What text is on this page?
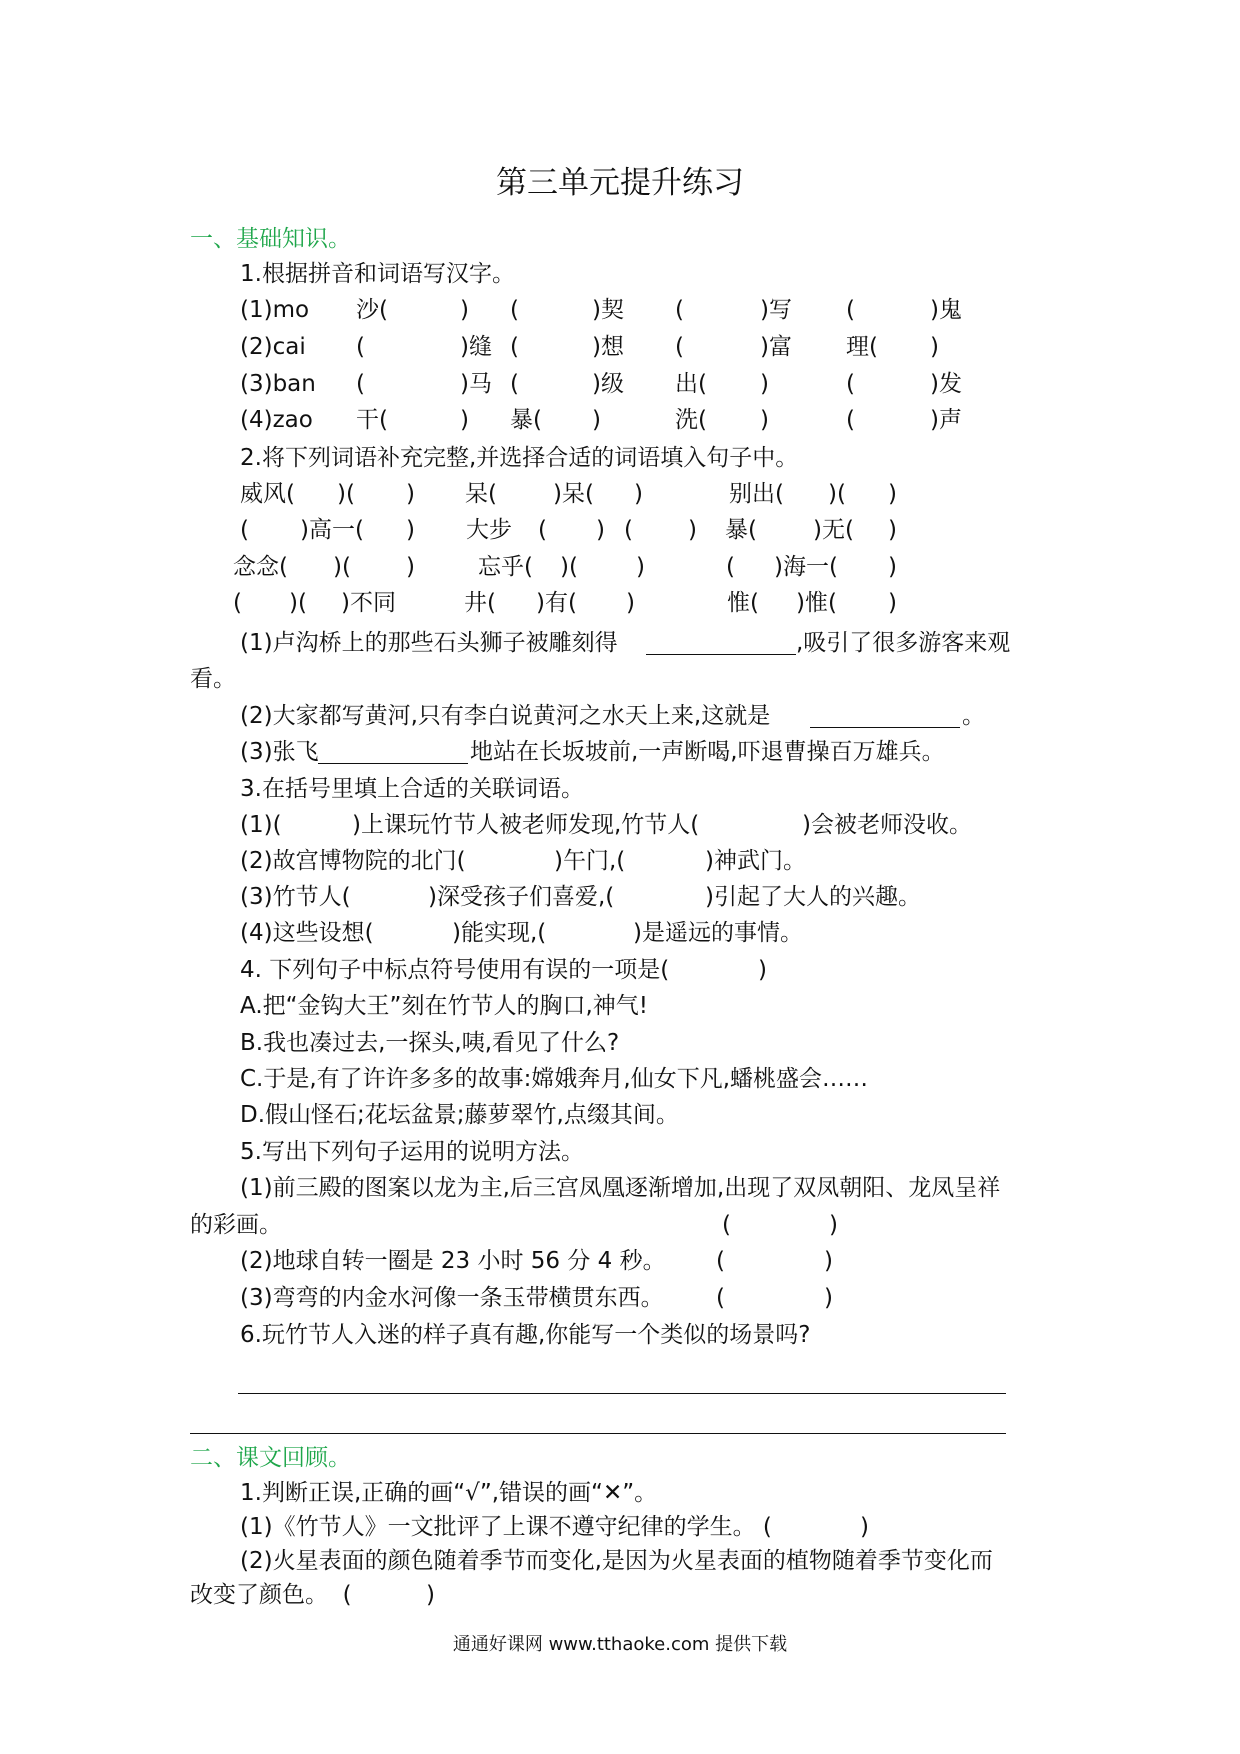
第三单元提升练习
一、基础知识。
1.根据拼音和词语写汉字。
(1)mo 沙(	) (	)契 (	)写 (	)鬼
(2)cai (	)缝 (	)想 (	)富 理( )
(3)ban (	)马 (	)级 出( )	(	)发
(4)zao 干(	) 暴( )	洗( )	(	)声
2.将下列词语补充完整,并选择合适的词语填入句子中。
威风( )( ) 呆( )呆( )	别出( )( )
( )高一( ) 大步 ( ) ( ) 暴( )无( )
念念( )( )	忘乎( )(	)	( )海一( )
( )( )不同	井( )有( )	惟( )惟( )
(1)卢沟桥上的那些石头狮子被雕刻得	,吸引了很多游客来观
看。
(2)大家都写黄河,只有李白说黄河之水天上来,这就是	。
(3)张飞	地站在长坂坡前,一声断喝,吓退曹操百万雄兵。
3.在括号里填上合适的关联词语。
(1)(	)上课玩竹节人被老师发现,竹节人(	)会被老师没收。
(2)故宫博物院的北门(	)午门,(	)神武门。
(3)竹节人(	)深受孩子们喜爱,(	)引起了大人的兴趣。
(4)这些设想(	)能实现,(	)是遥远的事情。
4. 下列句子中标点符号使用有误的一项是(	)
A.把“金钩大王”刻在竹节人的胸口,神气!
B.我也凑过去,一探头,咦,看见了什么?
C.于是,有了许许多多的故事:嫦娥奔月,仙女下凡,蟠桃盛会……
D.假山怪石;花坛盆景;藤萝翠竹,点缀其间。
5.写出下列句子运用的说明方法。
(1)前三殿的图案以龙为主,后三宫凤凰逐渐增加,出现了双凤朝阳、龙凤呈祥
的彩画。	(	)
(2)地球自转一圈是 23 小时 56 分 4 秒。 (	)
(3)弯弯的内金水河像一条玉带横贯东西。 (	)
6.玩竹节人入迷的样子真有趣,你能写一个类似的场景吗?
二、课文回顾。
1.判断正误,正确的画“√”,错误的画“✕”。
(1)《竹节人》一文批评了上课不遵守纪律的学生。 (	)
(2)火星表面的颜色随着季节而变化,是因为火星表面的植物随着季节变化而
改变了颜色。  (	)
通通好课网 www.tthaoke.com 提供下载
